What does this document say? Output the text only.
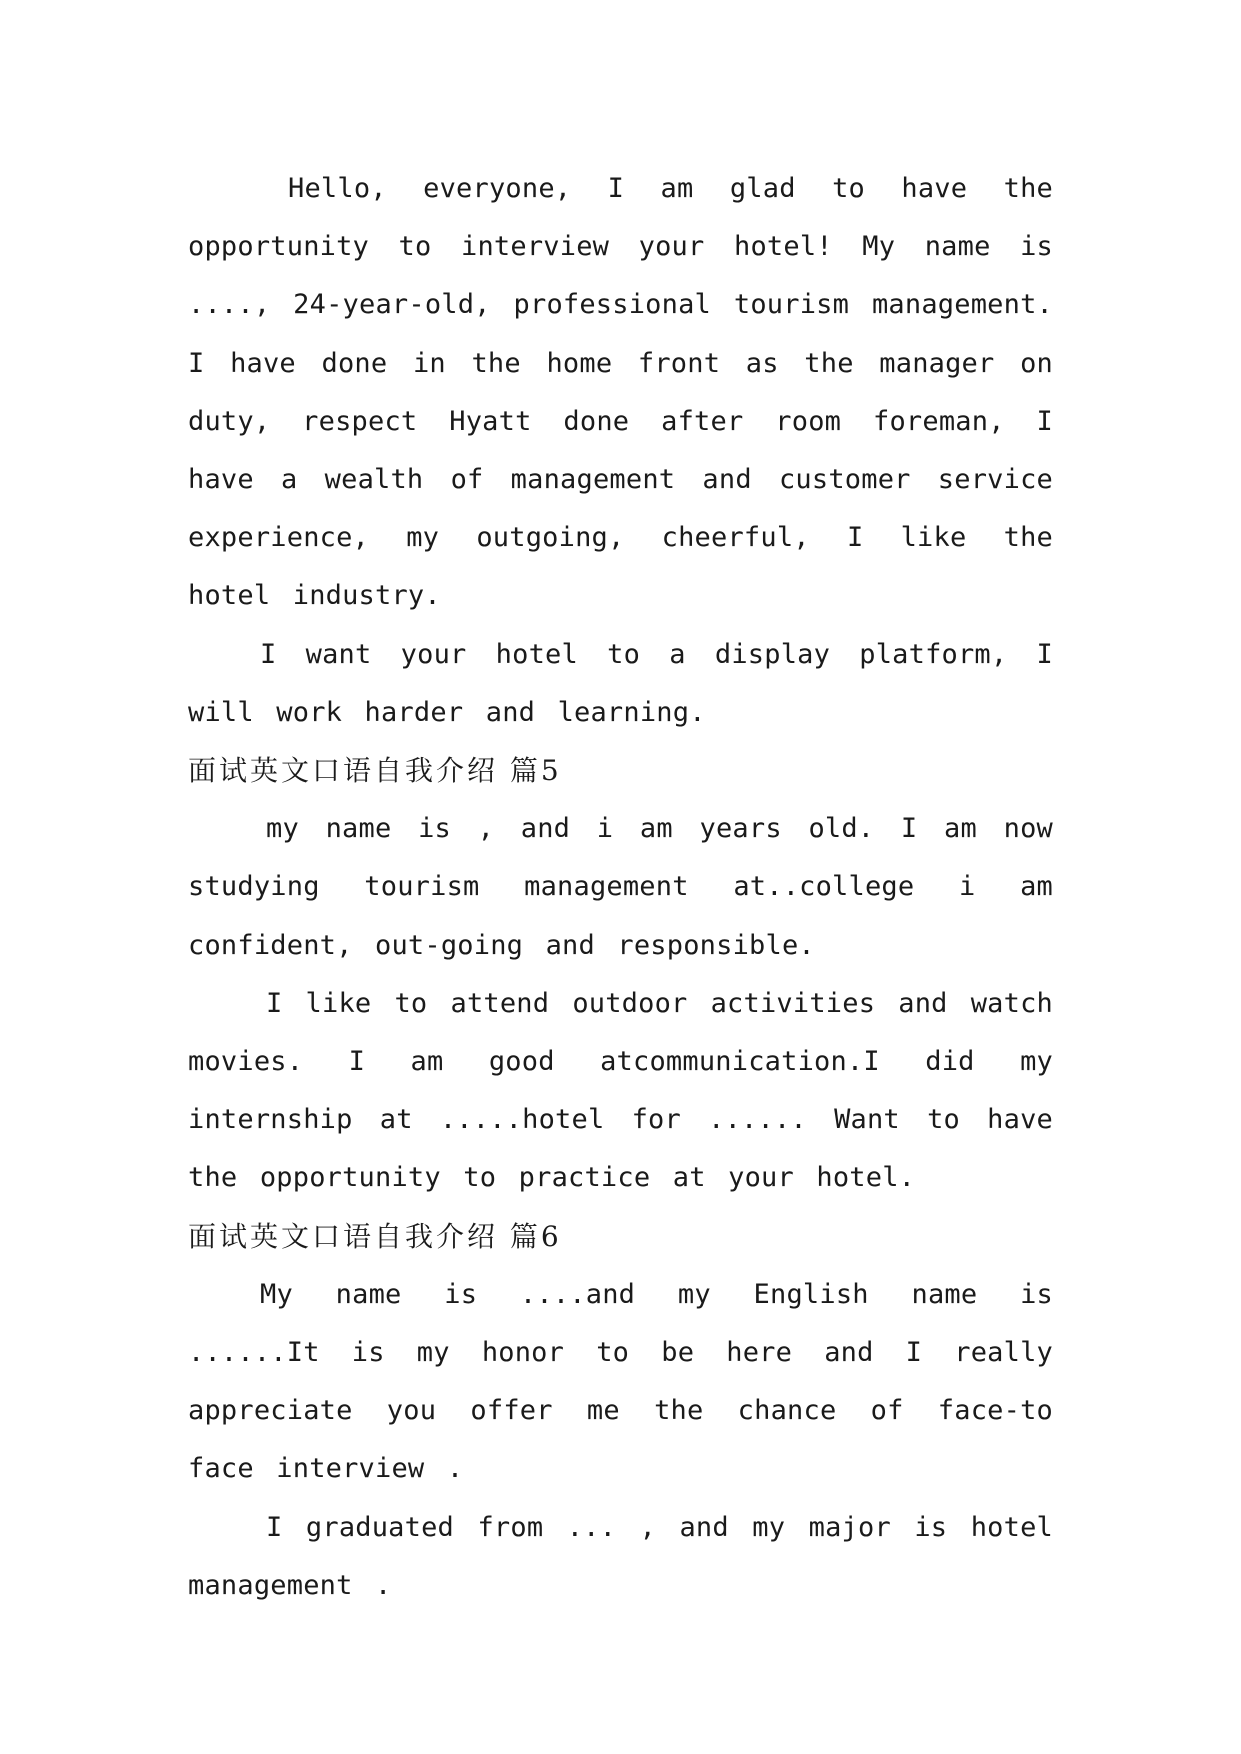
Hello, everyone, I am glad to have the opportunity to interview your hotel! My name is ...., 24-year-old, professional tourism management. I have done in the home front as the manager on duty, respect Hyatt done after room foreman, I have a wealth of management and customer service experience, my outgoing, cheerful, I like the hotel industry.

I want your hotel to a display platform, I will work harder and learning.

面试英文口语自我介绍 篇5

my name is , and i am years old. I am now studying tourism management at..college i am confident, out-going and responsible.

I like to attend outdoor activities and watch movies. I am good atcommunication.I did my internship at .....hotel for ...... Want to have the opportunity to practice at your hotel.

面试英文口语自我介绍 篇6

My name is ....and my English name is ......It is my honor to be here and I really appreciate you offer me the chance of face-to face interview .

I graduated from ... , and my major is hotel management .
